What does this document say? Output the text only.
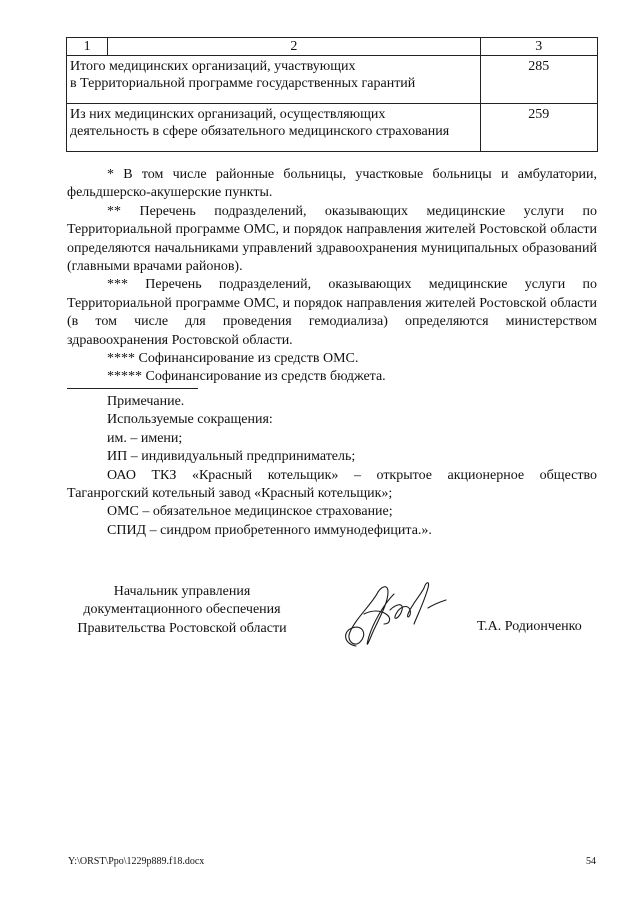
1	2	3

Итого медицинских организаций, участвующих
в Территориальной программе государственных гарантий		285

Из них медицинских организаций, осуществляющих
деятельность в сфере обязательного медицинского страхования		259

* В том числе районные больницы, участковые больницы и амбулатории, фельдшерско-акушерские пункты.

** Перечень подразделений, оказывающих медицинские услуги по Территориальной программе ОМС, и порядок направления жителей Ростовской области определяются начальниками управлений здравоохранения муниципальных образований (главными врачами районов).

*** Перечень подразделений, оказывающих медицинские услуги по Территориальной программе ОМС, и порядок направления жителей Ростовской области (в том числе для проведения гемодиализа) определяются министерством здравоохранения Ростовской области.

**** Софинансирование из средств ОМС.

***** Софинансирование из средств бюджета.

Примечание.

Используемые сокращения:

им. – имени;

ИП – индивидуальный предприниматель;

ОАО ТКЗ «Красный котельщик» – открытое акционерное общество Таганрогский котельный завод «Красный котельщик»;

ОМС – обязательное медицинское страхование;

СПИД – синдром приобретенного иммунодефицита.».

Начальник управления
документационного обеспечения
Правительства Ростовской области	Т.А. Родионченко
Y:\ORST\Ppo\1229p889.f18.docx	54
